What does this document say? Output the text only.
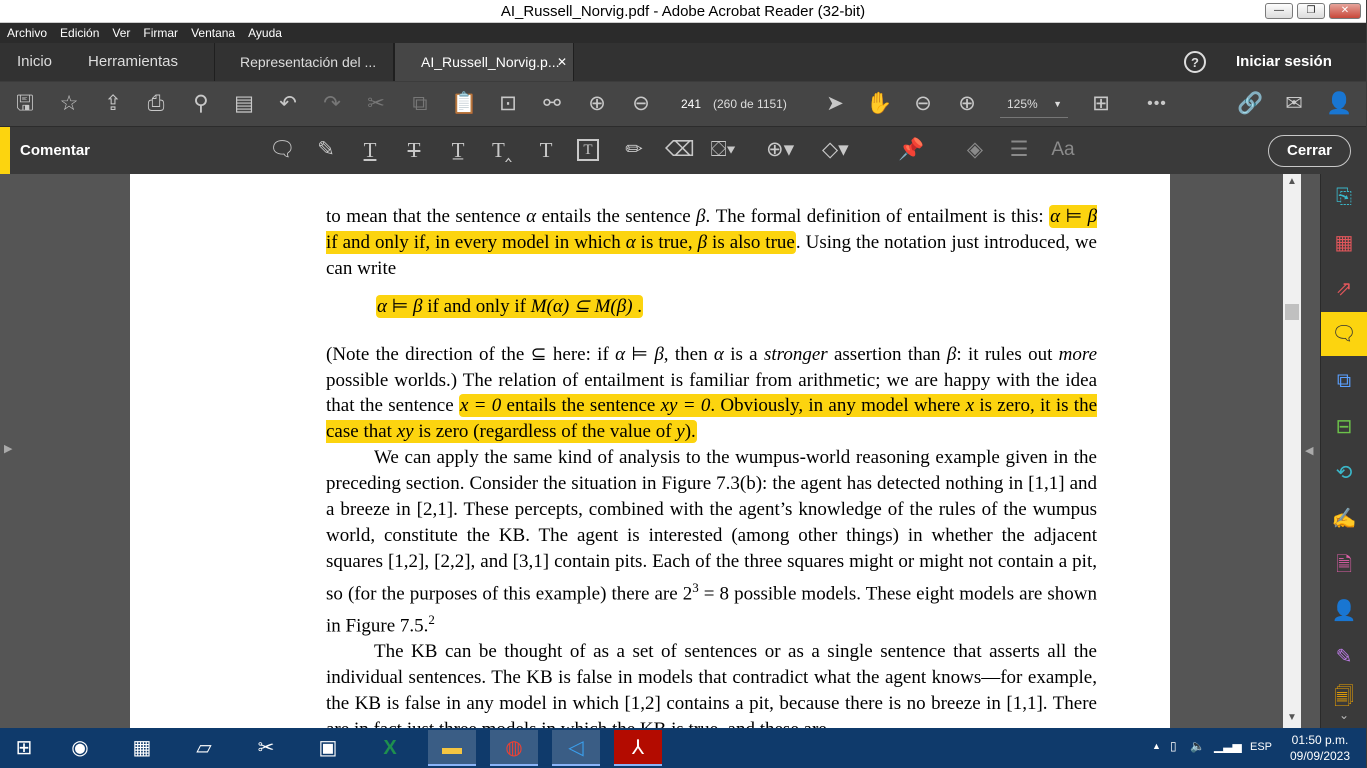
AI_Russell_Norvig.pdf - Adobe Acrobat Reader (32-bit)	—	❐	✕
Archivo Edición Ver Firmar Ventana Ayuda
Inicio Herramientas	Representación del ...	AI_Russell_Norvig.p...
✕	?	Iniciar sesión
🖫 ☆ ⇪ ⎙ ⚲ ▤ ↶ ↷ ✂ ⧉ 📋 ⊡ ⚯ ⊕ ⊖	241 (260 de 1151) ➤ ✋ ⊖ ⊕	125% ▼ ⊞ •••	🔗 ✉ 👤
Comentar	🗨 ✎	T	T	T̲	T‸	T	T	✏ ⌫ ⛋▾ ⊕▾ ◇▾ 📌 ◈ ☰ Aa	Cerrar
▶

to mean that the sentence α entails the sentence β. The formal definition of entailment is this: α ⊨ β if and only if, in every model in which α is true, β is also true. Using the notation just introduced, we can write

α ⊨ β if and only if M(α) ⊆ M(β) .

(Note the direction of the ⊆ here: if α ⊨ β, then α is a stronger assertion than β: it rules out more possible worlds.) The relation of entailment is familiar from arithmetic; we are happy with the idea that the sentence x = 0 entails the sentence xy = 0. Obviously, in any model where x is zero, it is the case that xy is zero (regardless of the value of y).

We can apply the same kind of analysis to the wumpus-world reasoning example given in the preceding section. Consider the situation in Figure 7.3(b): the agent has detected nothing in [1,1] and a breeze in [2,1]. These percepts, combined with the agent’s knowledge of the rules of the wumpus world, constitute the KB. The agent is interested (among other things) in whether the adjacent squares [1,2], [2,2], and [3,1] contain pits. Each of the three squares might or might not contain a pit, so (for the purposes of this example) there are $2^3 = 8$ possible models. These eight models are shown in Figure 7.5.$^2$

The KB can be thought of as a set of sentences or as a single sentence that asserts all the individual sentences. The KB is false in models that contradict what the agent knows—for example, the KB is false in any model in which [1,2] contains a pit, because there is no breeze in [1,1]. There

▲
▼
◀
⎘
▦
⇗
🗨
⧉
⊟
⟲
✍
🗎
👤
✎
🗐
⌄
⊞	◉	▦	▱	✂	▣	X	▬	◍	◁	⅄	▲ ▯ 🔈 ▁▃▅ ESP	01:50 p.m.
09/09/2023
